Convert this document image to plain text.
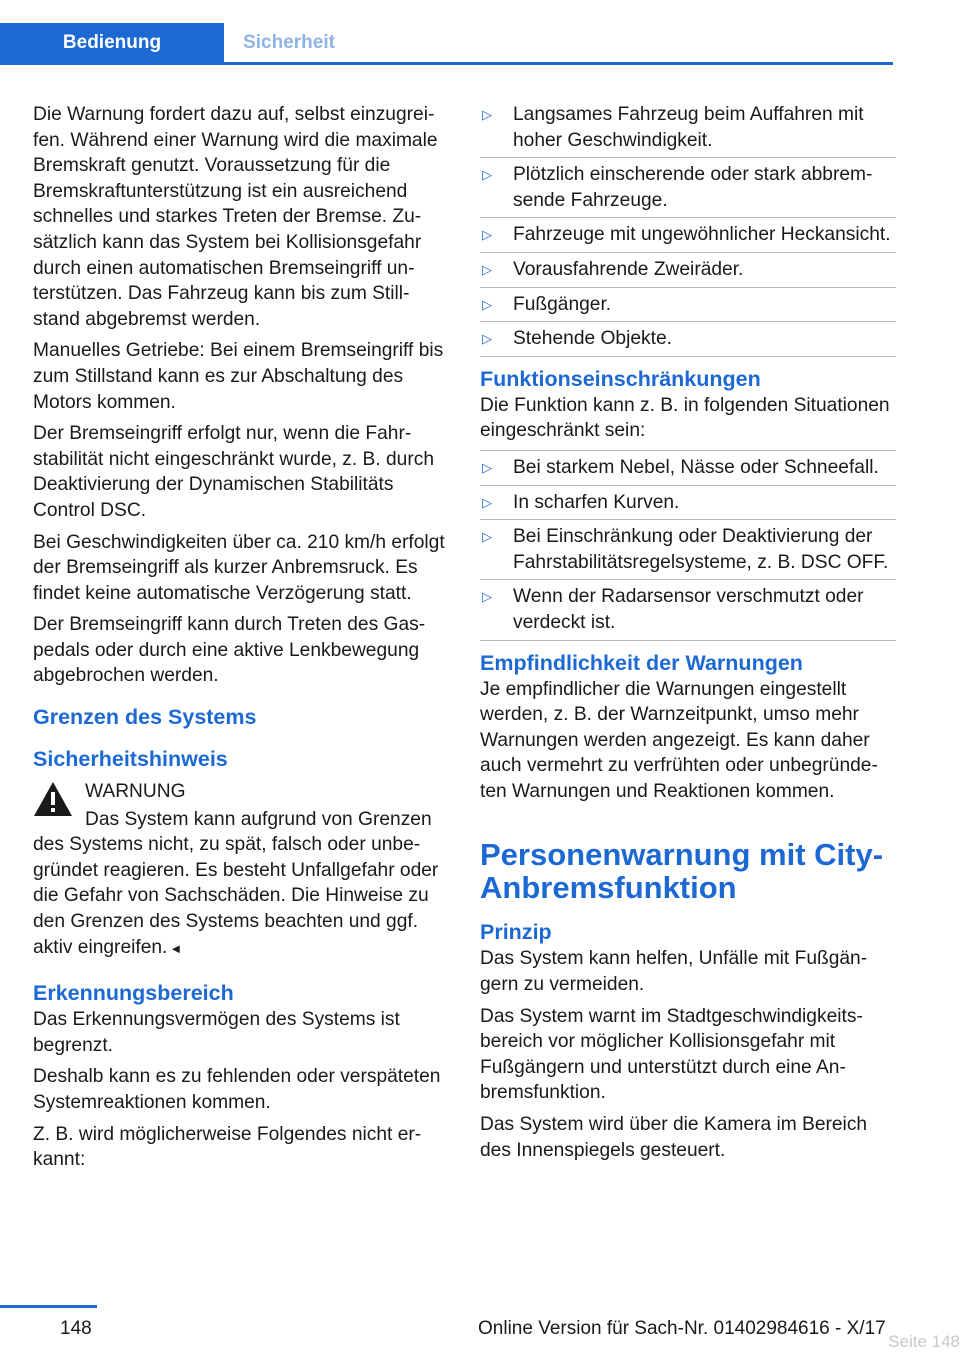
Bedienung	Sicherheit

Die Warnung fordert dazu auf, selbst einzugreifen. Während einer Warnung wird die maximale Bremskraft genutzt. Voraussetzung für die Bremskraftunterstützung ist ein ausreichend schnelles und starkes Treten der Bremse. Zusätzlich kann das System bei Kollisionsgefahr durch einen automatischen Bremseingriff unterstützen. Das Fahrzeug kann bis zum Stillstand abgebremst werden.

Manuelles Getriebe: Bei einem Bremseingriff bis zum Stillstand kann es zur Abschaltung des Motors kommen.

Der Bremseingriff erfolgt nur, wenn die Fahrstabilität nicht eingeschränkt wurde, z. B. durch Deaktivierung der Dynamischen Stabilitäts Control DSC.

Bei Geschwindigkeiten über ca. 210 km/h erfolgt der Bremseingriff als kurzer Anbremsruck. Es findet keine automatische Verzögerung statt.

Der Bremseingriff kann durch Treten des Gaspedals oder durch eine aktive Lenkbewegung abgebrochen werden.

Grenzen des Systems
Sicherheitshinweis

WARNUNG

Das System kann aufgrund von Grenzen des Systems nicht, zu spät, falsch oder unbegründet reagieren. Es besteht Unfallgefahr oder die Gefahr von Sachschäden. Die Hinweise zu den Grenzen des Systems beachten und ggf. aktiv eingreifen. ◄

Erkennungsbereich

Das Erkennungsvermögen des Systems ist begrenzt.

Deshalb kann es zu fehlenden oder verspäteten Systemreaktionen kommen.

Z. B. wird möglicherweise Folgendes nicht erkannt:

▷ Langsames Fahrzeug beim Auffahren mit hoher Geschwindigkeit.
▷ Plötzlich einscherende oder stark abbremsende Fahrzeuge.
▷ Fahrzeuge mit ungewöhnlicher Heckansicht.
▷ Vorausfahrende Zweiräder.
▷ Fußgänger.
▷ Stehende Objekte.
Funktionseinschränkungen

Die Funktion kann z. B. in folgenden Situationen eingeschränkt sein:

▷ Bei starkem Nebel, Nässe oder Schneefall.
▷ In scharfen Kurven.
▷ Bei Einschränkung oder Deaktivierung der Fahrstabilitätsregelsysteme, z. B. DSC OFF.
▷ Wenn der Radarsensor verschmutzt oder verdeckt ist.
Empfindlichkeit der Warnungen

Je empfindlicher die Warnungen eingestellt werden, z. B. der Warnzeitpunkt, umso mehr Warnungen werden angezeigt. Es kann daher auch vermehrt zu verfrühten oder unbegründeten Warnungen und Reaktionen kommen.

Personenwarnung mit City-Anbremsfunktion
Prinzip

Das System kann helfen, Unfälle mit Fußgängern zu vermeiden.

Das System warnt im Stadtgeschwindigkeitsbereich vor möglicher Kollisionsgefahr mit Fußgängern und unterstützt durch eine Anbremsfunktion.

Das System wird über die Kamera im Bereich des Innenspiegels gesteuert.

148	Online Version für Sach-Nr. 01402984616 - X/17
Seite 148
